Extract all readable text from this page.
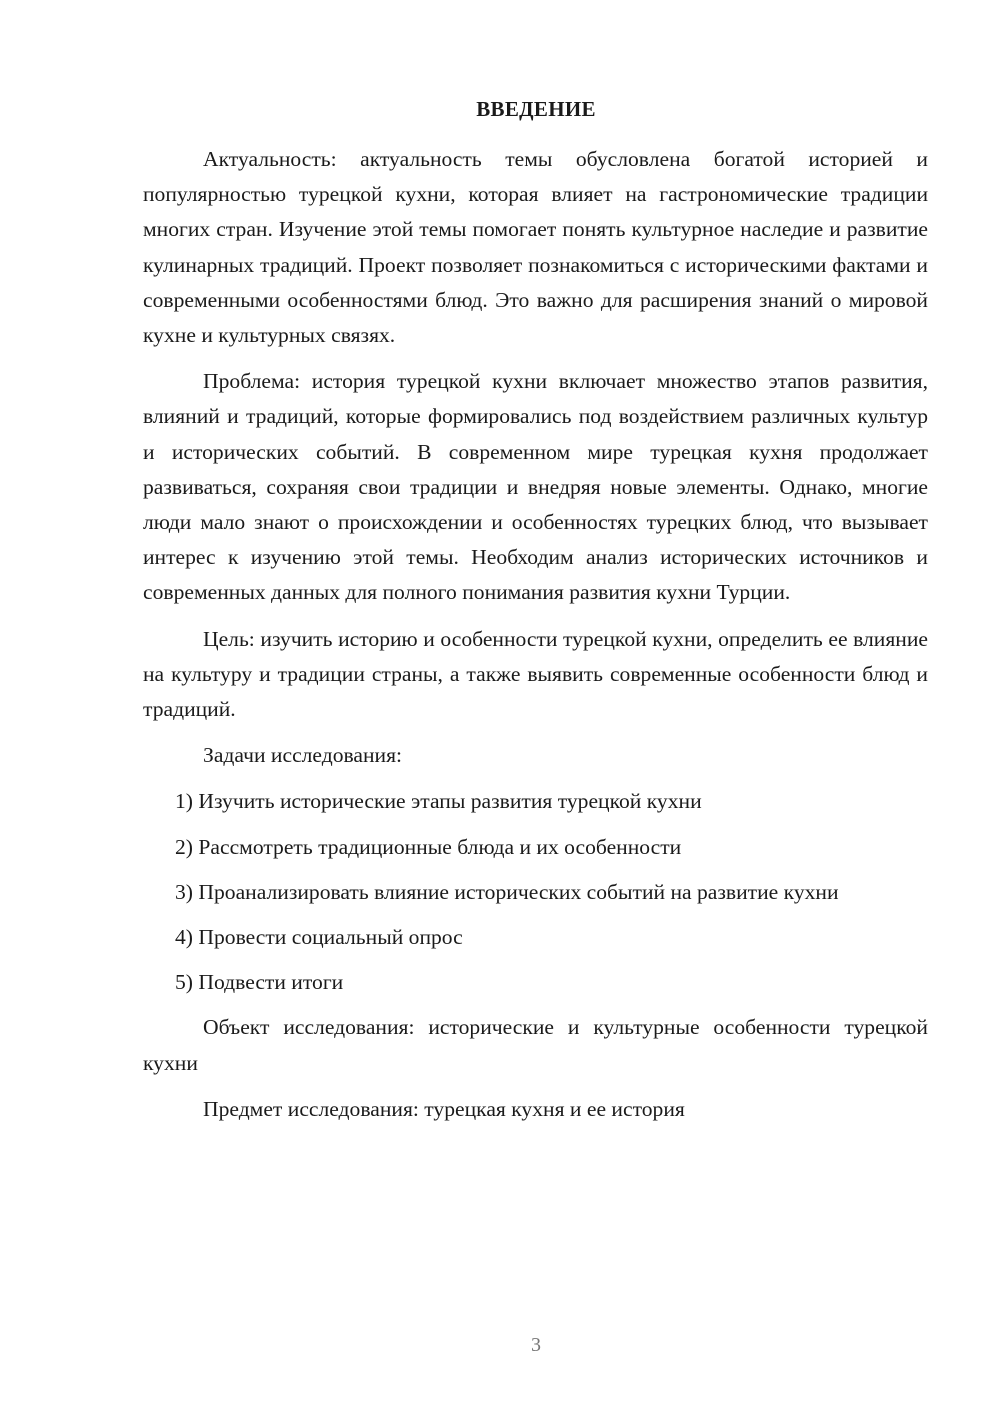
ВВЕДЕНИЕ

Актуальность: актуальность темы обусловлена богатой историей и популярностью турецкой кухни, которая влияет на гастрономические традиции многих стран. Изучение этой темы помогает понять культурное наследие и развитие кулинарных традиций. Проект позволяет познакомиться с историческими фактами и современными особенностями блюд. Это важно для расширения знаний о мировой кухне и культурных связях.

Проблема: история турецкой кухни включает множество этапов развития, влияний и традиций, которые формировались под воздействием различных культур и исторических событий. В современном мире турецкая кухня продолжает развиваться, сохраняя свои традиции и внедряя новые элементы. Однако, многие люди мало знают о происхождении и особенностях турецких блюд, что вызывает интерес к изучению этой темы. Необходим анализ исторических источников и современных данных для полного понимания развития кухни Турции.

Цель: изучить историю и особенности турецкой кухни, определить ее влияние на культуру и традиции страны, а также выявить современные особенности блюд и традиций.

Задачи исследования:

1) Изучить исторические этапы развития турецкой кухни

2) Рассмотреть традиционные блюда и их особенности

3) Проанализировать влияние исторических событий на развитие кухни

4) Провести социальный опрос

5) Подвести итоги

Объект исследования: исторические и культурные особенности турецкой кухни

Предмет исследования: турецкая кухня и ее история

3
